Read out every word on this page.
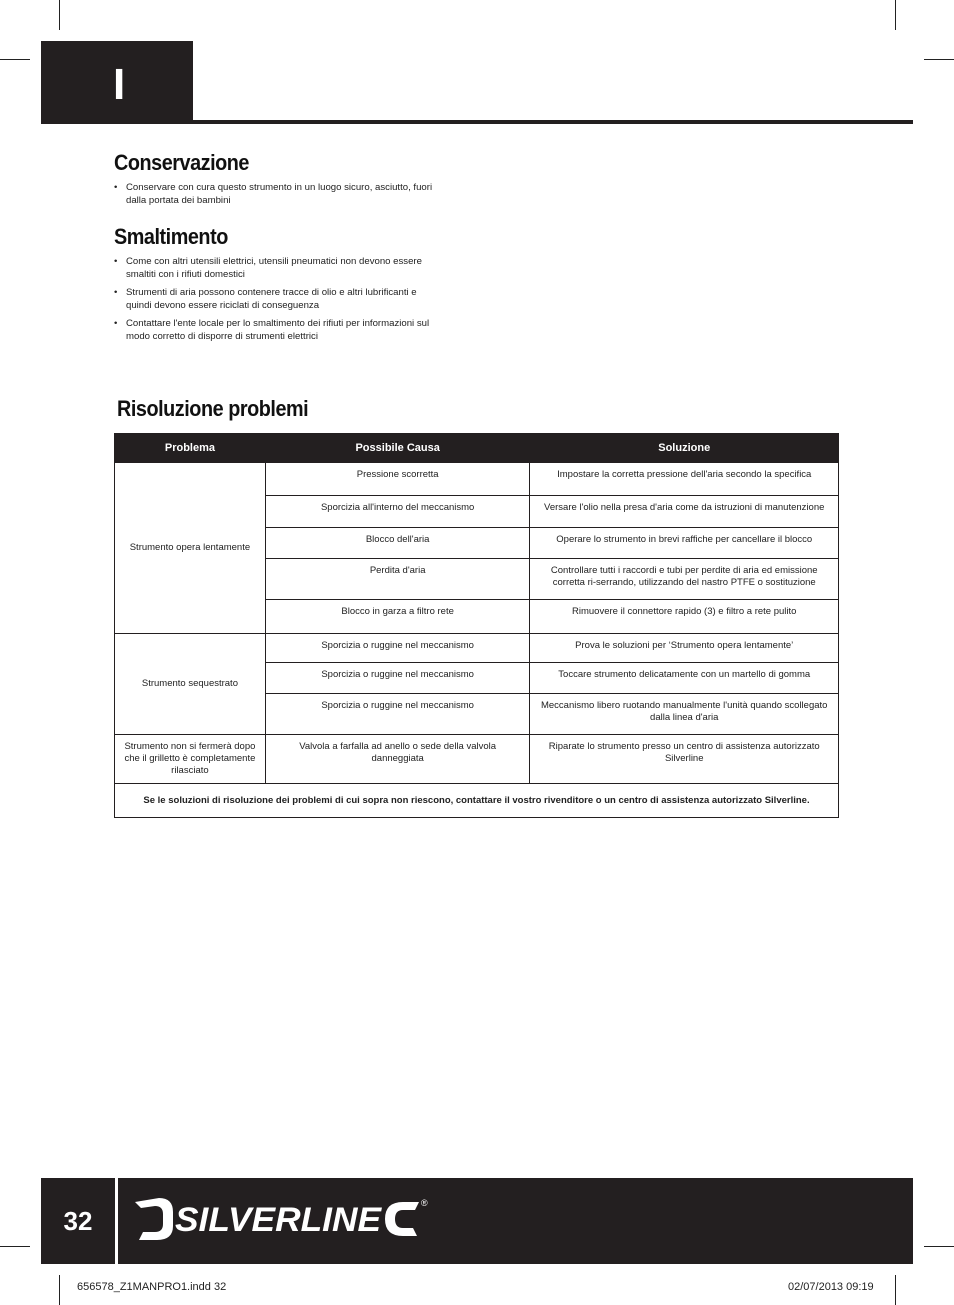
I
Conservazione
• Conservare con cura questo strumento in un luogo sicuro, asciutto, fuori dalla portata dei bambini
Smaltimento
• Come con altri utensili elettrici, utensili pneumatici non devono essere smaltiti con i rifiuti domestici
• Strumenti di aria possono contenere tracce di olio e altri lubrificanti e quindi devono essere riciclati di conseguenza
• Contattare l'ente locale per lo smaltimento dei rifiuti per informazioni sul modo corretto di disporre di strumenti elettrici
Risoluzione problemi
Problema	Possibile Causa	Soluzione
Strumento opera lentamente	Pressione scorretta	Impostare la corretta pressione dell'aria secondo la specifica
	Sporcizia all'interno del meccanismo	Versare l'olio nella presa d'aria come da istruzioni di manutenzione
	Blocco dell'aria	Operare lo strumento in brevi raffiche per cancellare il blocco
	Perdita d'aria	Controllare tutti i raccordi e tubi per perdite di aria ed emissione corretta ri-serrando, utilizzando del nastro PTFE o sostituzione
	Blocco in garza a filtro rete	Rimuovere il connettore rapido (3) e filtro a rete pulito
Strumento sequestrato	Sporcizia o ruggine nel meccanismo	Prova le soluzioni per ‘Strumento opera lentamente’
	Sporcizia o ruggine nel meccanismo	Toccare strumento delicatamente con un martello di gomma
	Sporcizia o ruggine nel meccanismo	Meccanismo libero ruotando manualmente l'unità quando scollegato dalla linea d'aria
Strumento non si fermerà dopo che il grilletto è completamente rilasciato	Valvola a farfalla ad anello o sede della valvola danneggiata	Riparate lo strumento presso un centro di assistenza autorizzato Silverline
Se le soluzioni di risoluzione dei problemi di cui sopra non riescono, contattare il vostro rivenditore o un centro di assistenza autorizzato Silverline.		
32	SILVERLINE	®
656578_Z1MANPRO1.indd 32	02/07/2013 09:19
